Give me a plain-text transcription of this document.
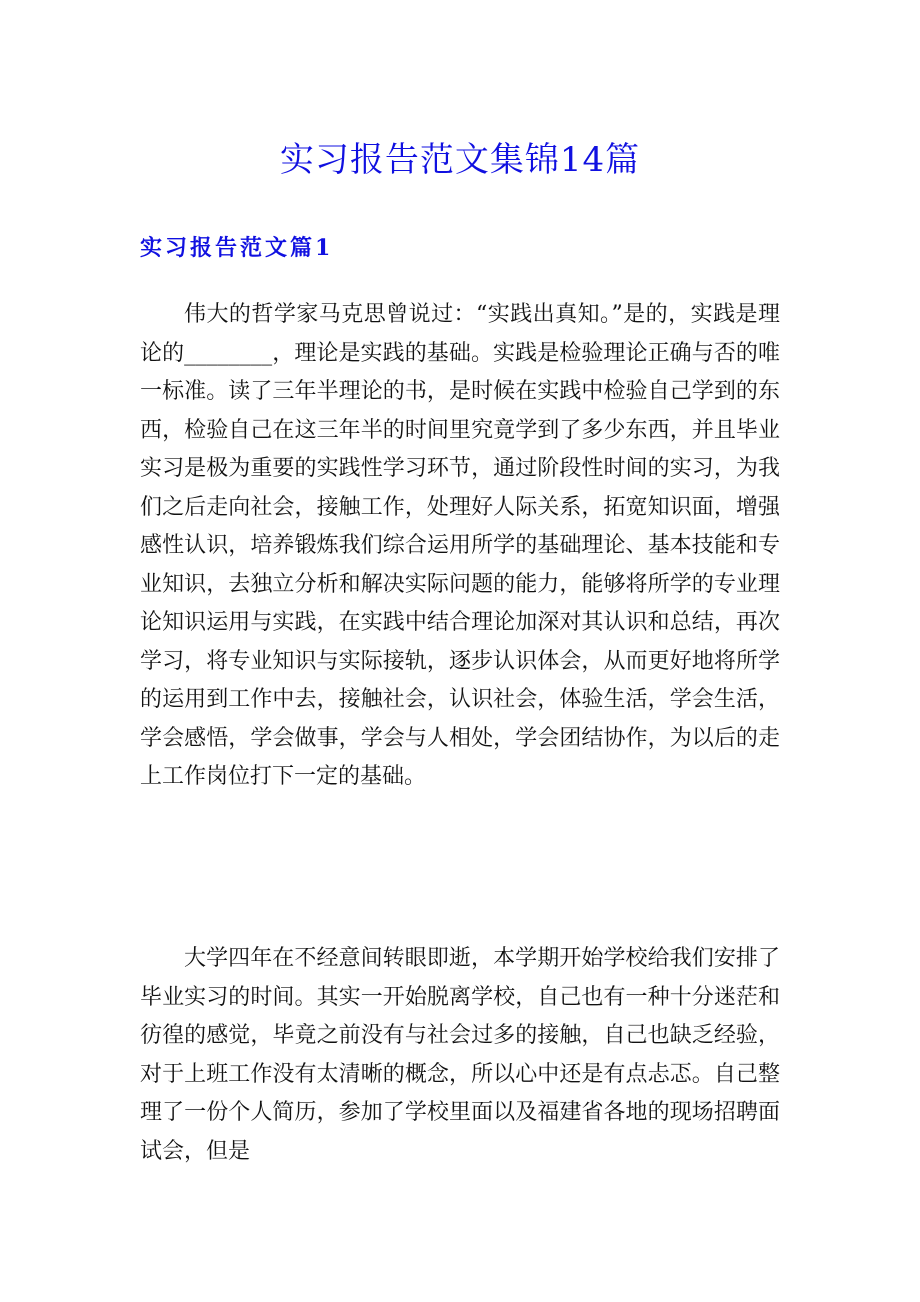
实习报告范文集锦14篇
实习报告范文篇1

伟大的哲学家马克思曾说过：“实践出真知。”是的，实践是理论的________，理论是实践的基础。实践是检验理论正确与否的唯一标准。读了三年半理论的书，是时候在实践中检验自己学到的东西，检验自己在这三年半的时间里究竟学到了多少东西，并且毕业实习是极为重要的实践性学习环节，通过阶段性时间的实习，为我们之后走向社会，接触工作，处理好人际关系，拓宽知识面，增强感性认识，培养锻炼我们综合运用所学的基础理论、基本技能和专业知识，去独立分析和解决实际问题的能力，能够将所学的专业理论知识运用与实践，在实践中结合理论加深对其认识和总结，再次学习，将专业知识与实际接轨，逐步认识体会，从而更好地将所学的运用到工作中去，接触社会，认识社会，体验生活，学会生活，学会感悟，学会做事，学会与人相处，学会团结协作，为以后的走上工作岗位打下一定的基础。

大学四年在不经意间转眼即逝，本学期开始学校给我们安排了毕业实习的时间。其实一开始脱离学校，自己也有一种十分迷茫和彷徨的感觉，毕竟之前没有与社会过多的接触，自己也缺乏经验，对于上班工作没有太清晰的概念，所以心中还是有点忐忑。自己整理了一份个人简历，参加了学校里面以及福建省各地的现场招聘面试会，但是
